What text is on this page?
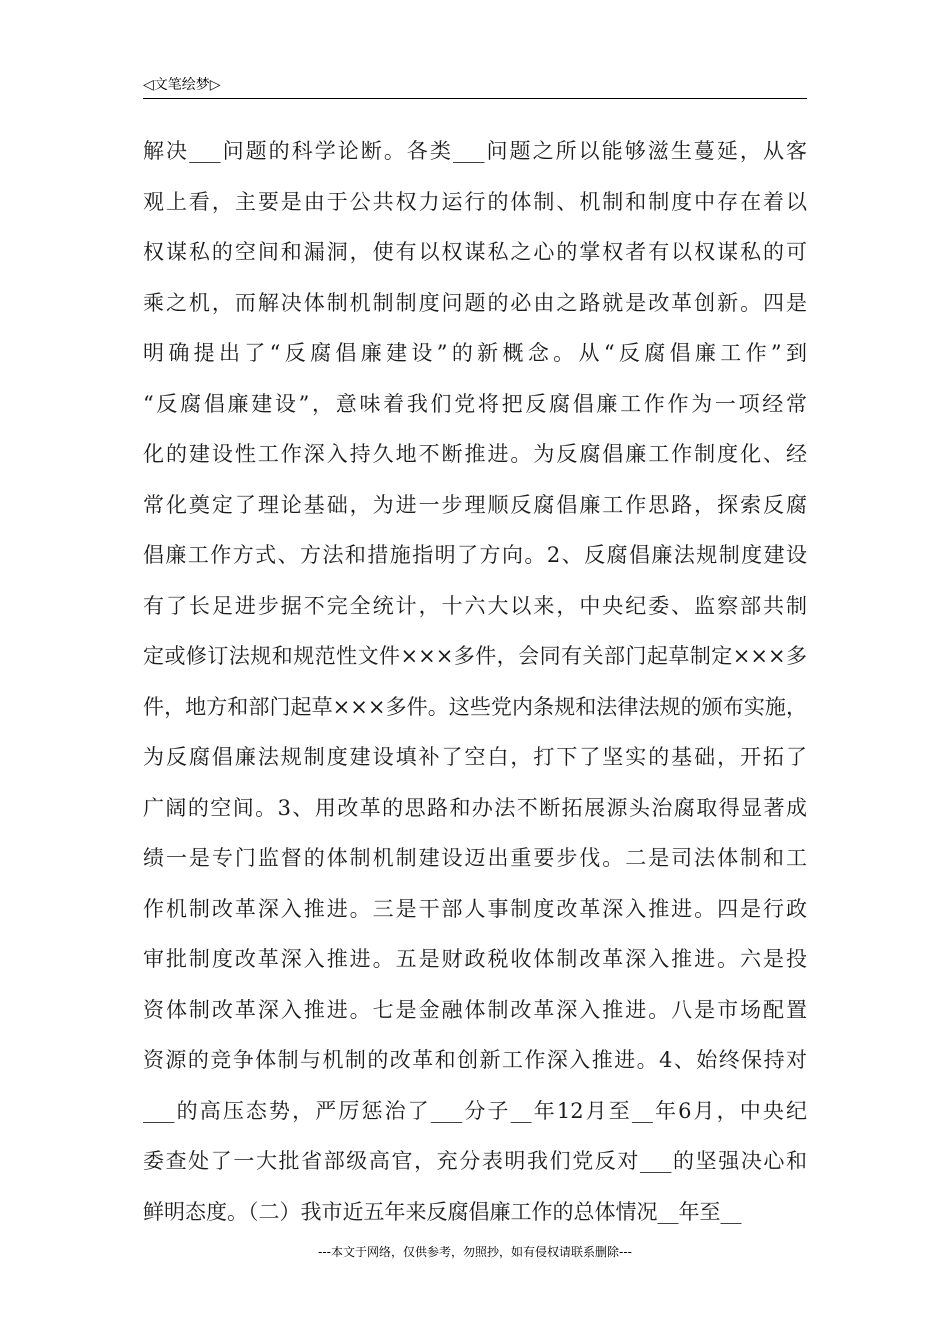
◁文笔绘梦▷
解决___问题的科学论断。各类___问题之所以能够滋生蔓延，从客
观上看，主要是由于公共权力运行的体制、机制和制度中存在着以
权谋私的空间和漏洞，使有以权谋私之心的掌权者有以权谋私的可
乘之机，而解决体制机制制度问题的必由之路就是改革创新。四是
明确提出了“反腐倡廉建设”的新概念。从“反腐倡廉工作”到
“反腐倡廉建设”，意味着我们党将把反腐倡廉工作作为一项经常
化的建设性工作深入持久地不断推进。为反腐倡廉工作制度化、经
常化奠定了理论基础，为进一步理顺反腐倡廉工作思路，探索反腐
倡廉工作方式、方法和措施指明了方向。2、反腐倡廉法规制度建设
有了长足进步据不完全统计，十六大以来，中央纪委、监察部共制
定或修订法规和规范性文件×××多件，会同有关部门起草制定×××多
件，地方和部门起草×××多件。这些党内条规和法律法规的颁布实施，
为反腐倡廉法规制度建设填补了空白，打下了坚实的基础，开拓了
广阔的空间。3、用改革的思路和办法不断拓展源头治腐取得显著成
绩一是专门监督的体制机制建设迈出重要步伐。二是司法体制和工
作机制改革深入推进。三是干部人事制度改革深入推进。四是行政
审批制度改革深入推进。五是财政税收体制改革深入推进。六是投
资体制改革深入推进。七是金融体制改革深入推进。八是市场配置
资源的竞争体制与机制的改革和创新工作深入推进。4、始终保持对
___的高压态势，严厉惩治了___分子__年12月至__年6月，中央纪
委查处了一大批省部级高官，充分表明我们党反对___的坚强决心和
鲜明态度。（二）我市近五年来反腐倡廉工作的总体情况__年至__
---本文于网络，仅供参考，勿照抄，如有侵权请联系删除---
